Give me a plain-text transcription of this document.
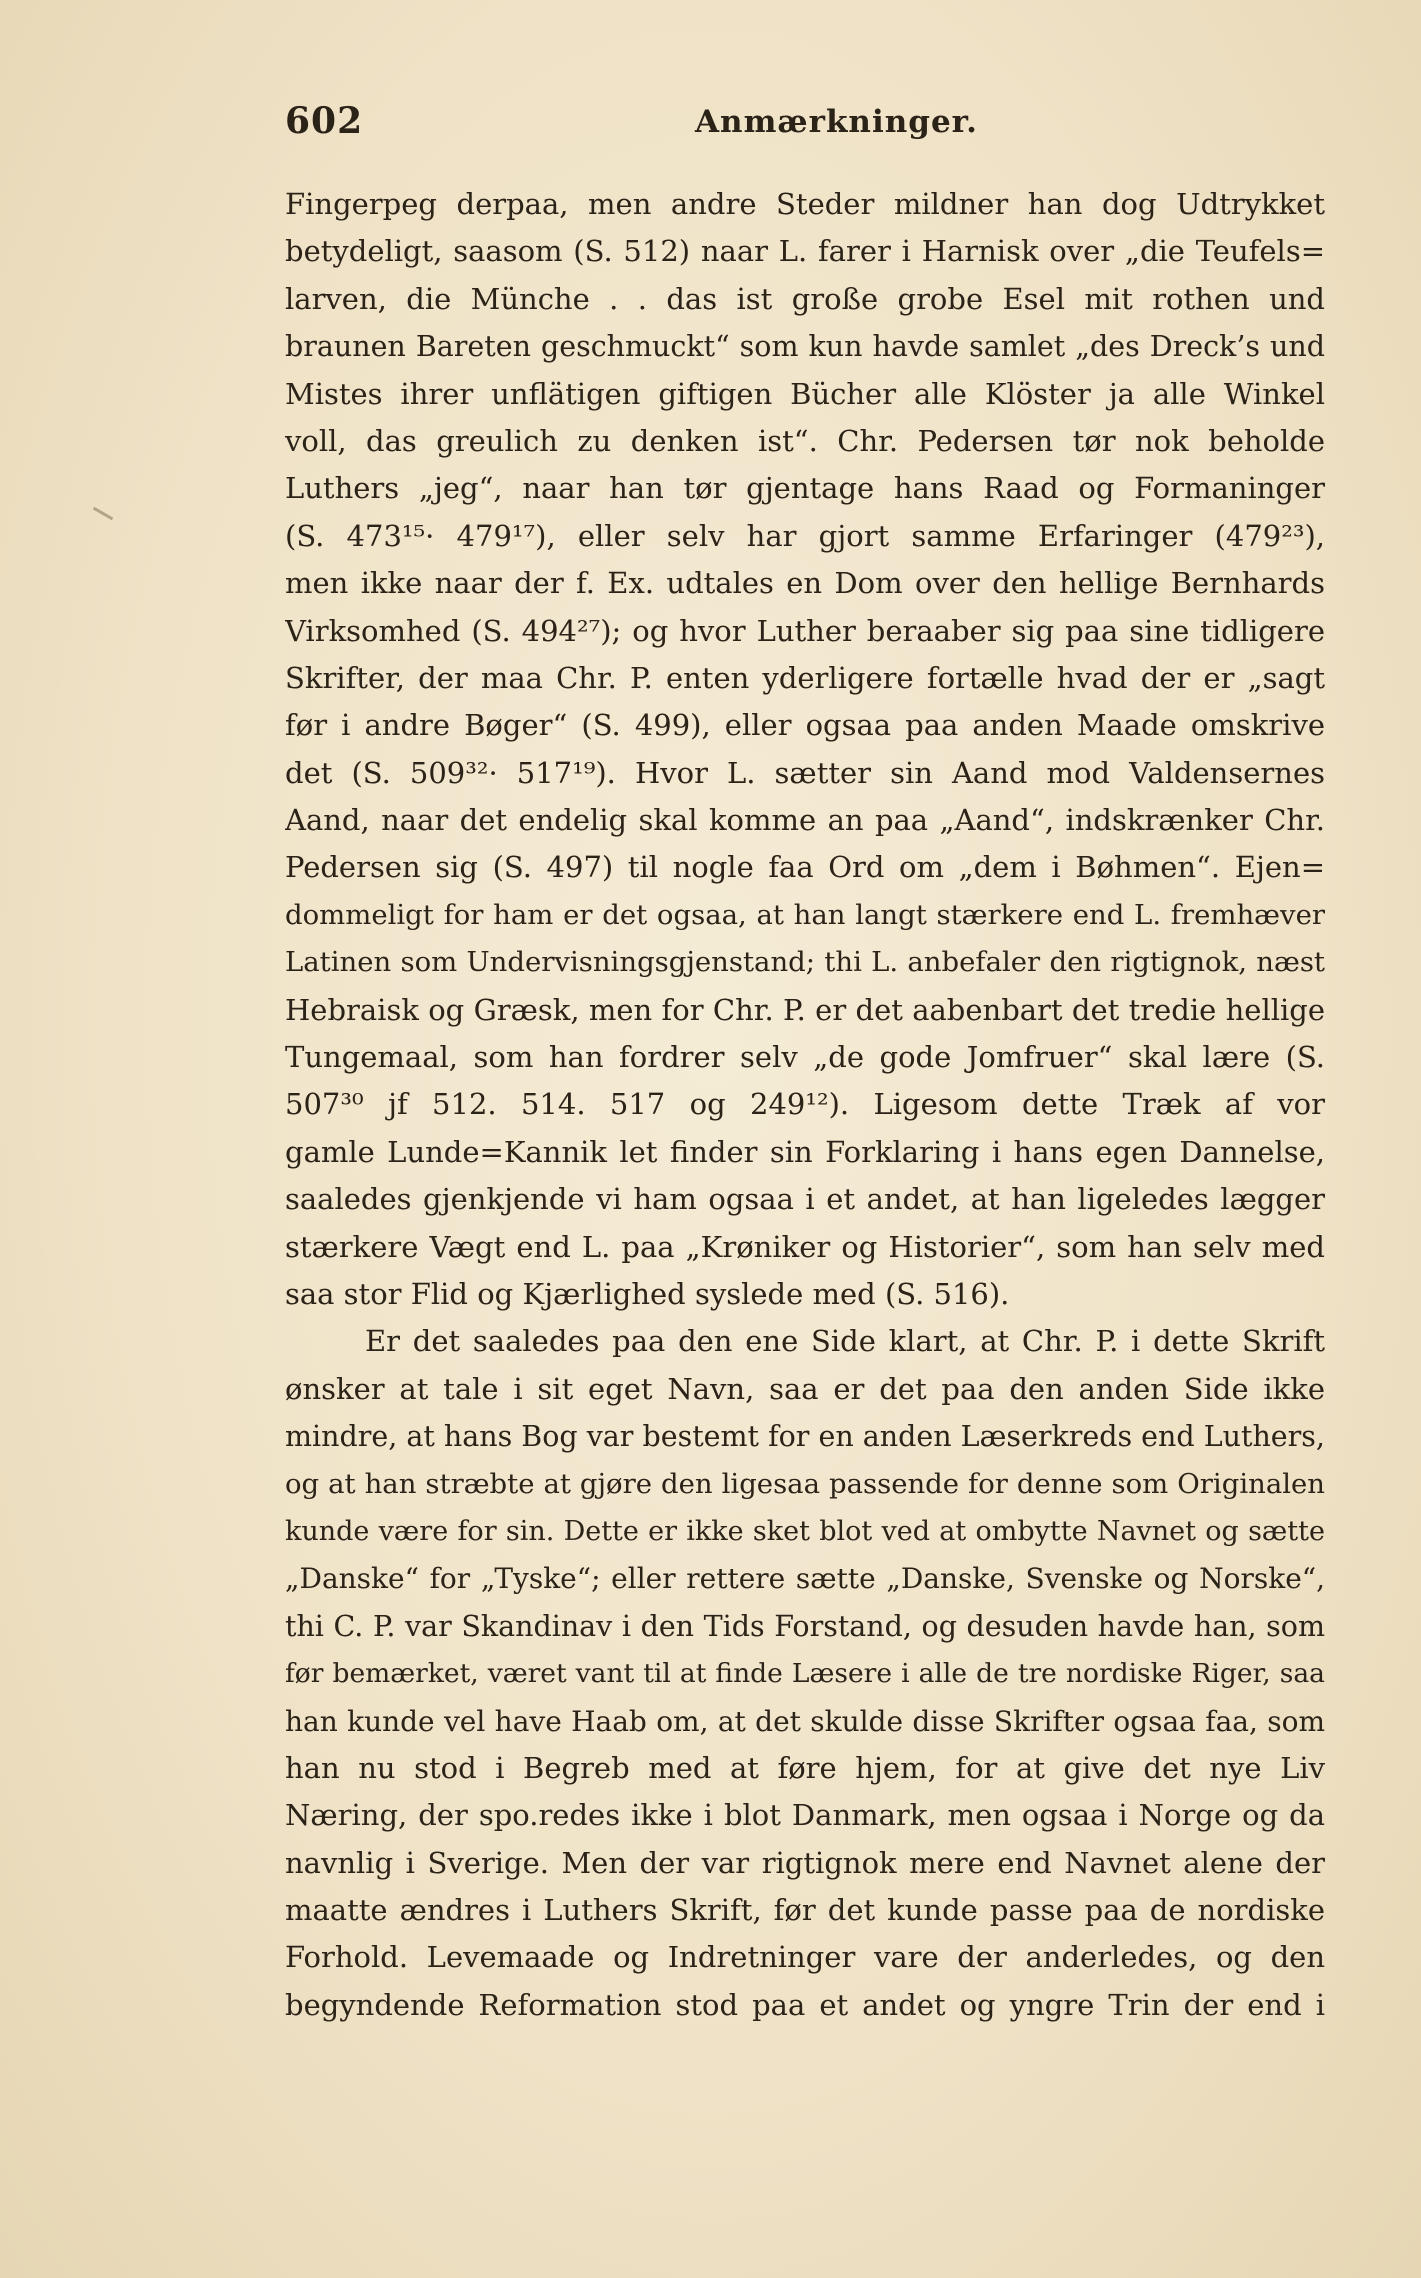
602	Anmærkninger.
Fingerpeg derpaa, men andre Steder mildner han dog Udtrykket
betydeligt, saasom (S. 512) naar L. farer i Harnisk over „die Teufels=
larven, die Münche . . das ist große grobe Esel mit rothen und
braunen Bareten geschmuckt“ som kun havde samlet „des Dreck’s und
Mistes ihrer unflätigen giftigen Bücher alle Klöster ja alle Winkel
voll, das greulich zu denken ist“. Chr. Pedersen tør nok beholde
Luthers „jeg“, naar han tør gjentage hans Raad og Formaninger
(S. 473¹⁵· 479¹⁷), eller selv har gjort samme Erfaringer (479²³),
men ikke naar der f. Ex. udtales en Dom over den hellige Bernhards
Virksomhed (S. 494²⁷); og hvor Luther beraaber sig paa sine tidligere
Skrifter, der maa Chr. P. enten yderligere fortælle hvad der er „sagt
før i andre Bøger“ (S. 499), eller ogsaa paa anden Maade omskrive
det (S. 509³²· 517¹⁹). Hvor L. sætter sin Aand mod Valdensernes
Aand, naar det endelig skal komme an paa „Aand“, indskrænker Chr.
Pedersen sig (S. 497) til nogle faa Ord om „dem i Bøhmen“. Ejen=
dommeligt for ham er det ogsaa, at han langt stærkere end L. fremhæver
Latinen som Undervisningsgjenstand; thi L. anbefaler den rigtignok, næst
Hebraisk og Græsk, men for Chr. P. er det aabenbart det tredie hellige
Tungemaal, som han fordrer selv „de gode Jomfruer“ skal lære (S.
507³⁰ jf 512. 514. 517 og 249¹²). Ligesom dette Træk af vor
gamle Lunde=Kannik let finder sin Forklaring i hans egen Dannelse,
saaledes gjenkjende vi ham ogsaa i et andet, at han ligeledes lægger
stærkere Vægt end L. paa „Krøniker og Historier“, som han selv med
saa stor Flid og Kjærlighed syslede med (S. 516).
Er det saaledes paa den ene Side klart, at Chr. P. i dette Skrift
ønsker at tale i sit eget Navn, saa er det paa den anden Side ikke
mindre, at hans Bog var bestemt for en anden Læserkreds end Luthers,
og at han stræbte at gjøre den ligesaa passende for denne som Originalen
kunde være for sin. Dette er ikke sket blot ved at ombytte Navnet og sætte
„Danske“ for „Tyske“; eller rettere sætte „Danske, Svenske og Norske“,
thi C. P. var Skandinav i den Tids Forstand, og desuden havde han, som
før bemærket, været vant til at finde Læsere i alle de tre nordiske Riger, saa
han kunde vel have Haab om, at det skulde disse Skrifter ogsaa faa, som
han nu stod i Begreb med at føre hjem, for at give det nye Liv
Næring, der spo.redes ikke i blot Danmark, men ogsaa i Norge og da
navnlig i Sverige. Men der var rigtignok mere end Navnet alene der
maatte ændres i Luthers Skrift, før det kunde passe paa de nordiske
Forhold. Levemaade og Indretninger vare der anderledes, og den
begyndende Reformation stod paa et andet og yngre Trin der end i
